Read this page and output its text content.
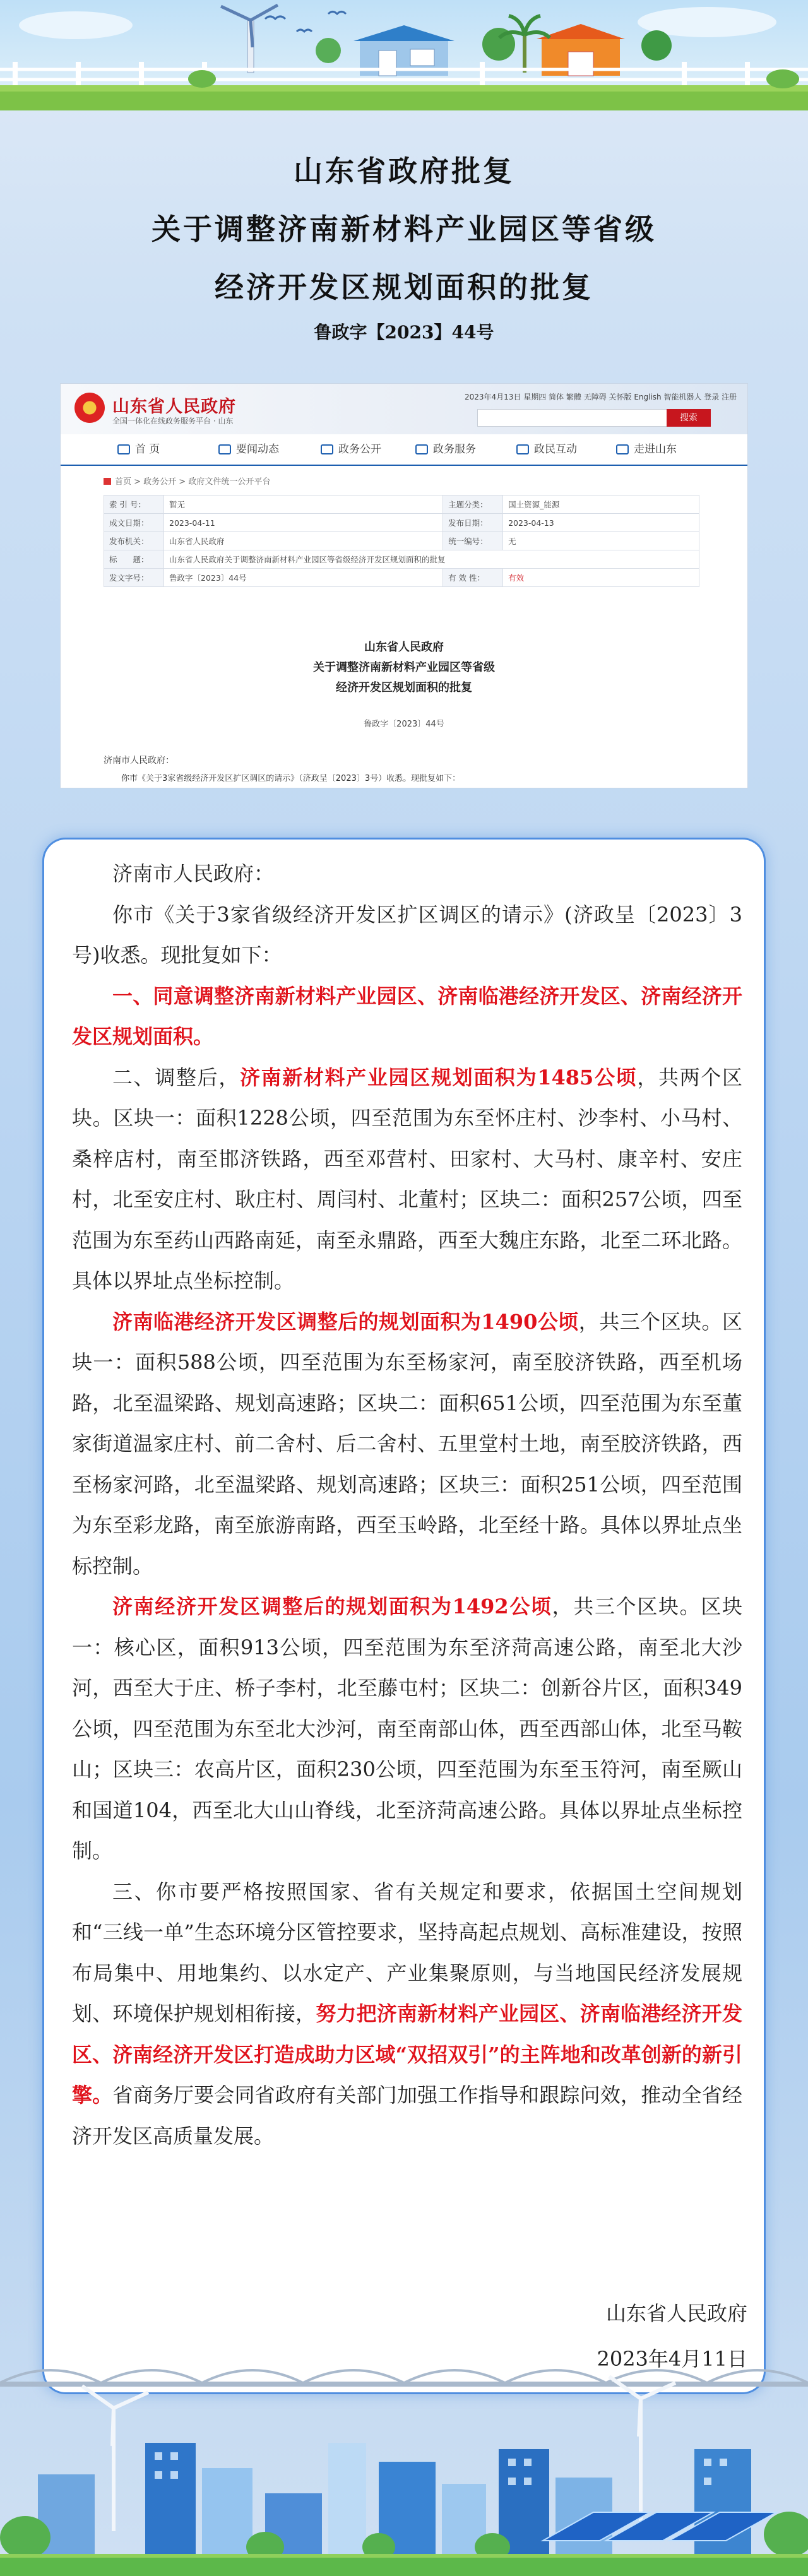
山东省政府批复
关于调整济南新材料产业园区等省级
经济开发区规划面积的批复
鲁政字【2023】44号
山东省人民政府
全国一体化在线政务服务平台 · 山东
2023年4月13日 星期四 简体 繁體 无障碍 关怀版 English 智能机器人 登录 注册
搜索
首 页	要闻动态	政务公开	政务服务	政民互动	走进山东
首页 > 政务公开 > 政府文件统一公开平台
索 引 号：	暂无	主题分类：	国土资源_能源
成文日期：	2023-04-11	发布日期：	2023-04-13
发布机关：	山东省人民政府	统一编号：	无
标　　题：	山东省人民政府关于调整济南新材料产业园区等省级经济开发区规划面积的批复		
发文字号：	鲁政字〔2023〕44号	有 效 性：	有效
山东省人民政府
关于调整济南新材料产业园区等省级
经济开发区规划面积的批复
鲁政字〔2023〕44号
济南市人民政府：
你市《关于3家省级经济开发区扩区调区的请示》（济政呈〔2023〕3号）收悉。现批复如下：

济南市人民政府：

你市《关于3家省级经济开发区扩区调区的请示》(济政呈〔2023〕3号)收悉。现批复如下：

一、同意调整济南新材料产业园区、济南临港经济开发区、济南经济开发区规划面积。

二、调整后，济南新材料产业园区规划面积为1485公顷，共两个区块。区块一：面积1228公顷，四至范围为东至怀庄村、沙李村、小马村、桑梓店村，南至邯济铁路，西至邓营村、田家村、大马村、康辛村、安庄村，北至安庄村、耿庄村、周闫村、北董村；区块二：面积257公顷，四至范围为东至药山西路南延，南至永鼎路，西至大魏庄东路，北至二环北路。具体以界址点坐标控制。

济南临港经济开发区调整后的规划面积为1490公顷，共三个区块。区块一：面积588公顷，四至范围为东至杨家河，南至胶济铁路，西至机场路，北至温梁路、规划高速路；区块二：面积651公顷，四至范围为东至董家街道温家庄村、前二舍村、后二舍村、五里堂村土地，南至胶济铁路，西至杨家河路，北至温梁路、规划高速路；区块三：面积251公顷，四至范围为东至彩龙路，南至旅游南路，西至玉岭路，北至经十路。具体以界址点坐标控制。

济南经济开发区调整后的规划面积为1492公顷，共三个区块。区块一：核心区，面积913公顷，四至范围为东至济菏高速公路，南至北大沙河，西至大于庄、桥子李村，北至藤屯村；区块二：创新谷片区，面积349公顷，四至范围为东至北大沙河，南至南部山体，西至西部山体，北至马鞍山；区块三：农高片区，面积230公顷，四至范围为东至玉符河，南至厥山和国道104，西至北大山山脊线，北至济菏高速公路。具体以界址点坐标控制。

三、你市要严格按照国家、省有关规定和要求，依据国土空间规划和“三线一单”生态环境分区管控要求，坚持高起点规划、高标准建设，按照布局集中、用地集约、以水定产、产业集聚原则，与当地国民经济发展规划、环境保护规划相衔接，努力把济南新材料产业园区、济南临港经济开发区、济南经济开发区打造成助力区域“双招双引”的主阵地和改革创新的新引擎。省商务厅要会同省政府有关部门加强工作指导和跟踪问效，推动全省经济开发区高质量发展。

山东省人民政府
2023年4月11日
